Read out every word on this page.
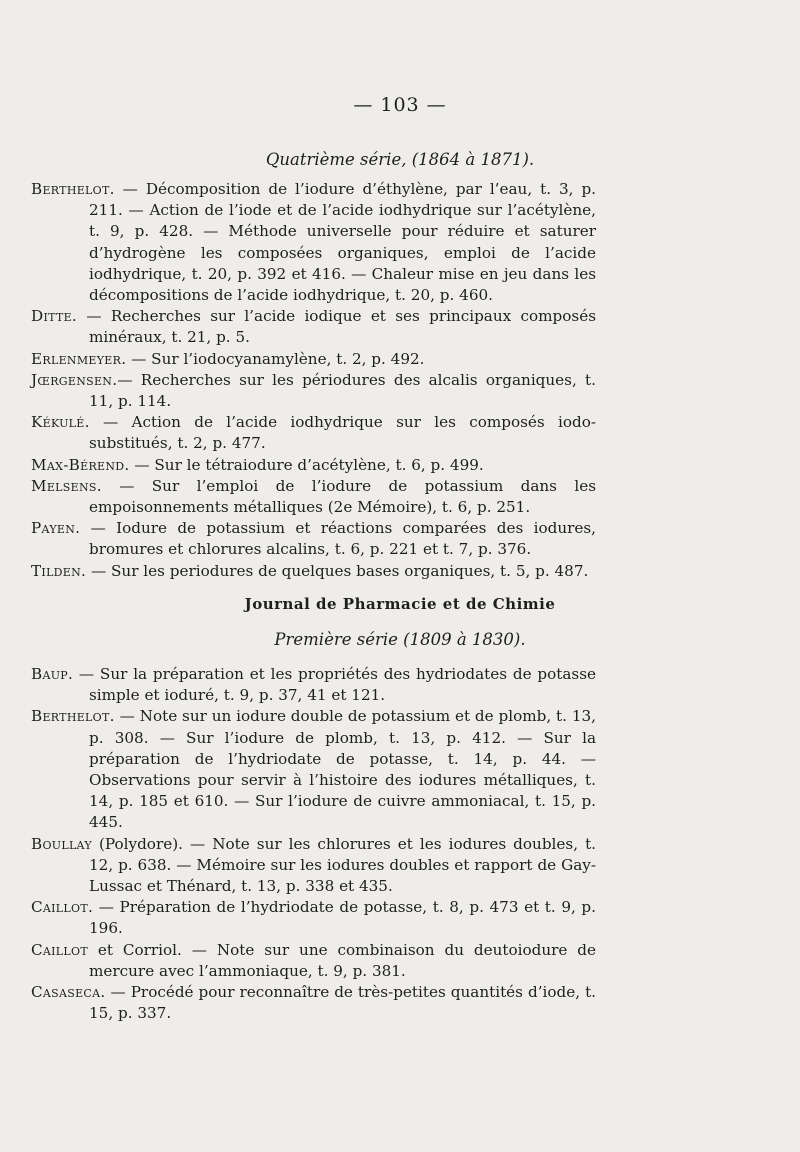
— 103 —
Quatrième série, (1864 à 1871).

Berthelot. — Décomposition de l’iodure d’éthylène, par l’eau, t. 3, p. 211. — Action de l’iode et de l’acide iodhydrique sur l’acétylène, t. 9, p. 428. — Méthode universelle pour réduire et saturer d’hydrogène les composées organiques, emploi de l’acide iodhydrique, t. 20, p. 392 et 416. — Chaleur mise en jeu dans les décompositions de l’acide iodhydrique, t. 20, p. 460.

Ditte. — Recherches sur l’acide iodique et ses principaux composés minéraux, t. 21, p. 5.

Erlenmeyer. — Sur l’iodocyanamylène, t. 2, p. 492.

Jœrgensen.— Recherches sur les périodures des alcalis organiques, t. 11, p. 114.

Kékulé. — Action de l’acide iodhydrique sur les composés iodo-substitués, t. 2, p. 477.

Max-Bérend. — Sur le tétraiodure d’acétylène, t. 6, p. 499.

Melsens. — Sur l’emploi de l’iodure de potassium dans les empoisonnements métalliques (2e Mémoire), t. 6, p. 251.

Payen. — Iodure de potassium et réactions comparées des iodures, bromures et chlorures alcalins, t. 6, p. 221 et t. 7, p. 376.

Tilden. — Sur les periodures de quelques bases organiques, t. 5, p. 487.

Journal de Pharmacie et de Chimie
Première série (1809 à 1830).

Baup. — Sur la préparation et les propriétés des hydriodates de potasse simple et ioduré, t. 9, p. 37, 41 et 121.

Berthelot. — Note sur un iodure double de potassium et de plomb, t. 13, p. 308. — Sur l’iodure de plomb, t. 13, p. 412. — Sur la préparation de l’hydriodate de potasse, t. 14, p. 44. — Observations pour servir à l’histoire des iodures métalliques, t. 14, p. 185 et 610. — Sur l’iodure de cuivre ammoniacal, t. 15, p. 445.

Boullay (Polydore). — Note sur les chlorures et les iodures doubles, t. 12, p. 638. — Mémoire sur les iodures doubles et rapport de Gay-Lussac et Thénard, t. 13, p. 338 et 435.

Caillot. — Préparation de l’hydriodate de potasse, t. 8, p. 473 et t. 9, p. 196.

Caillot et Corriol. — Note sur une combinaison du deutoiodure de mercure avec l’ammoniaque, t. 9, p. 381.

Casaseca. — Procédé pour reconnaître de très-petites quantités d’iode, t. 15, p. 337.
